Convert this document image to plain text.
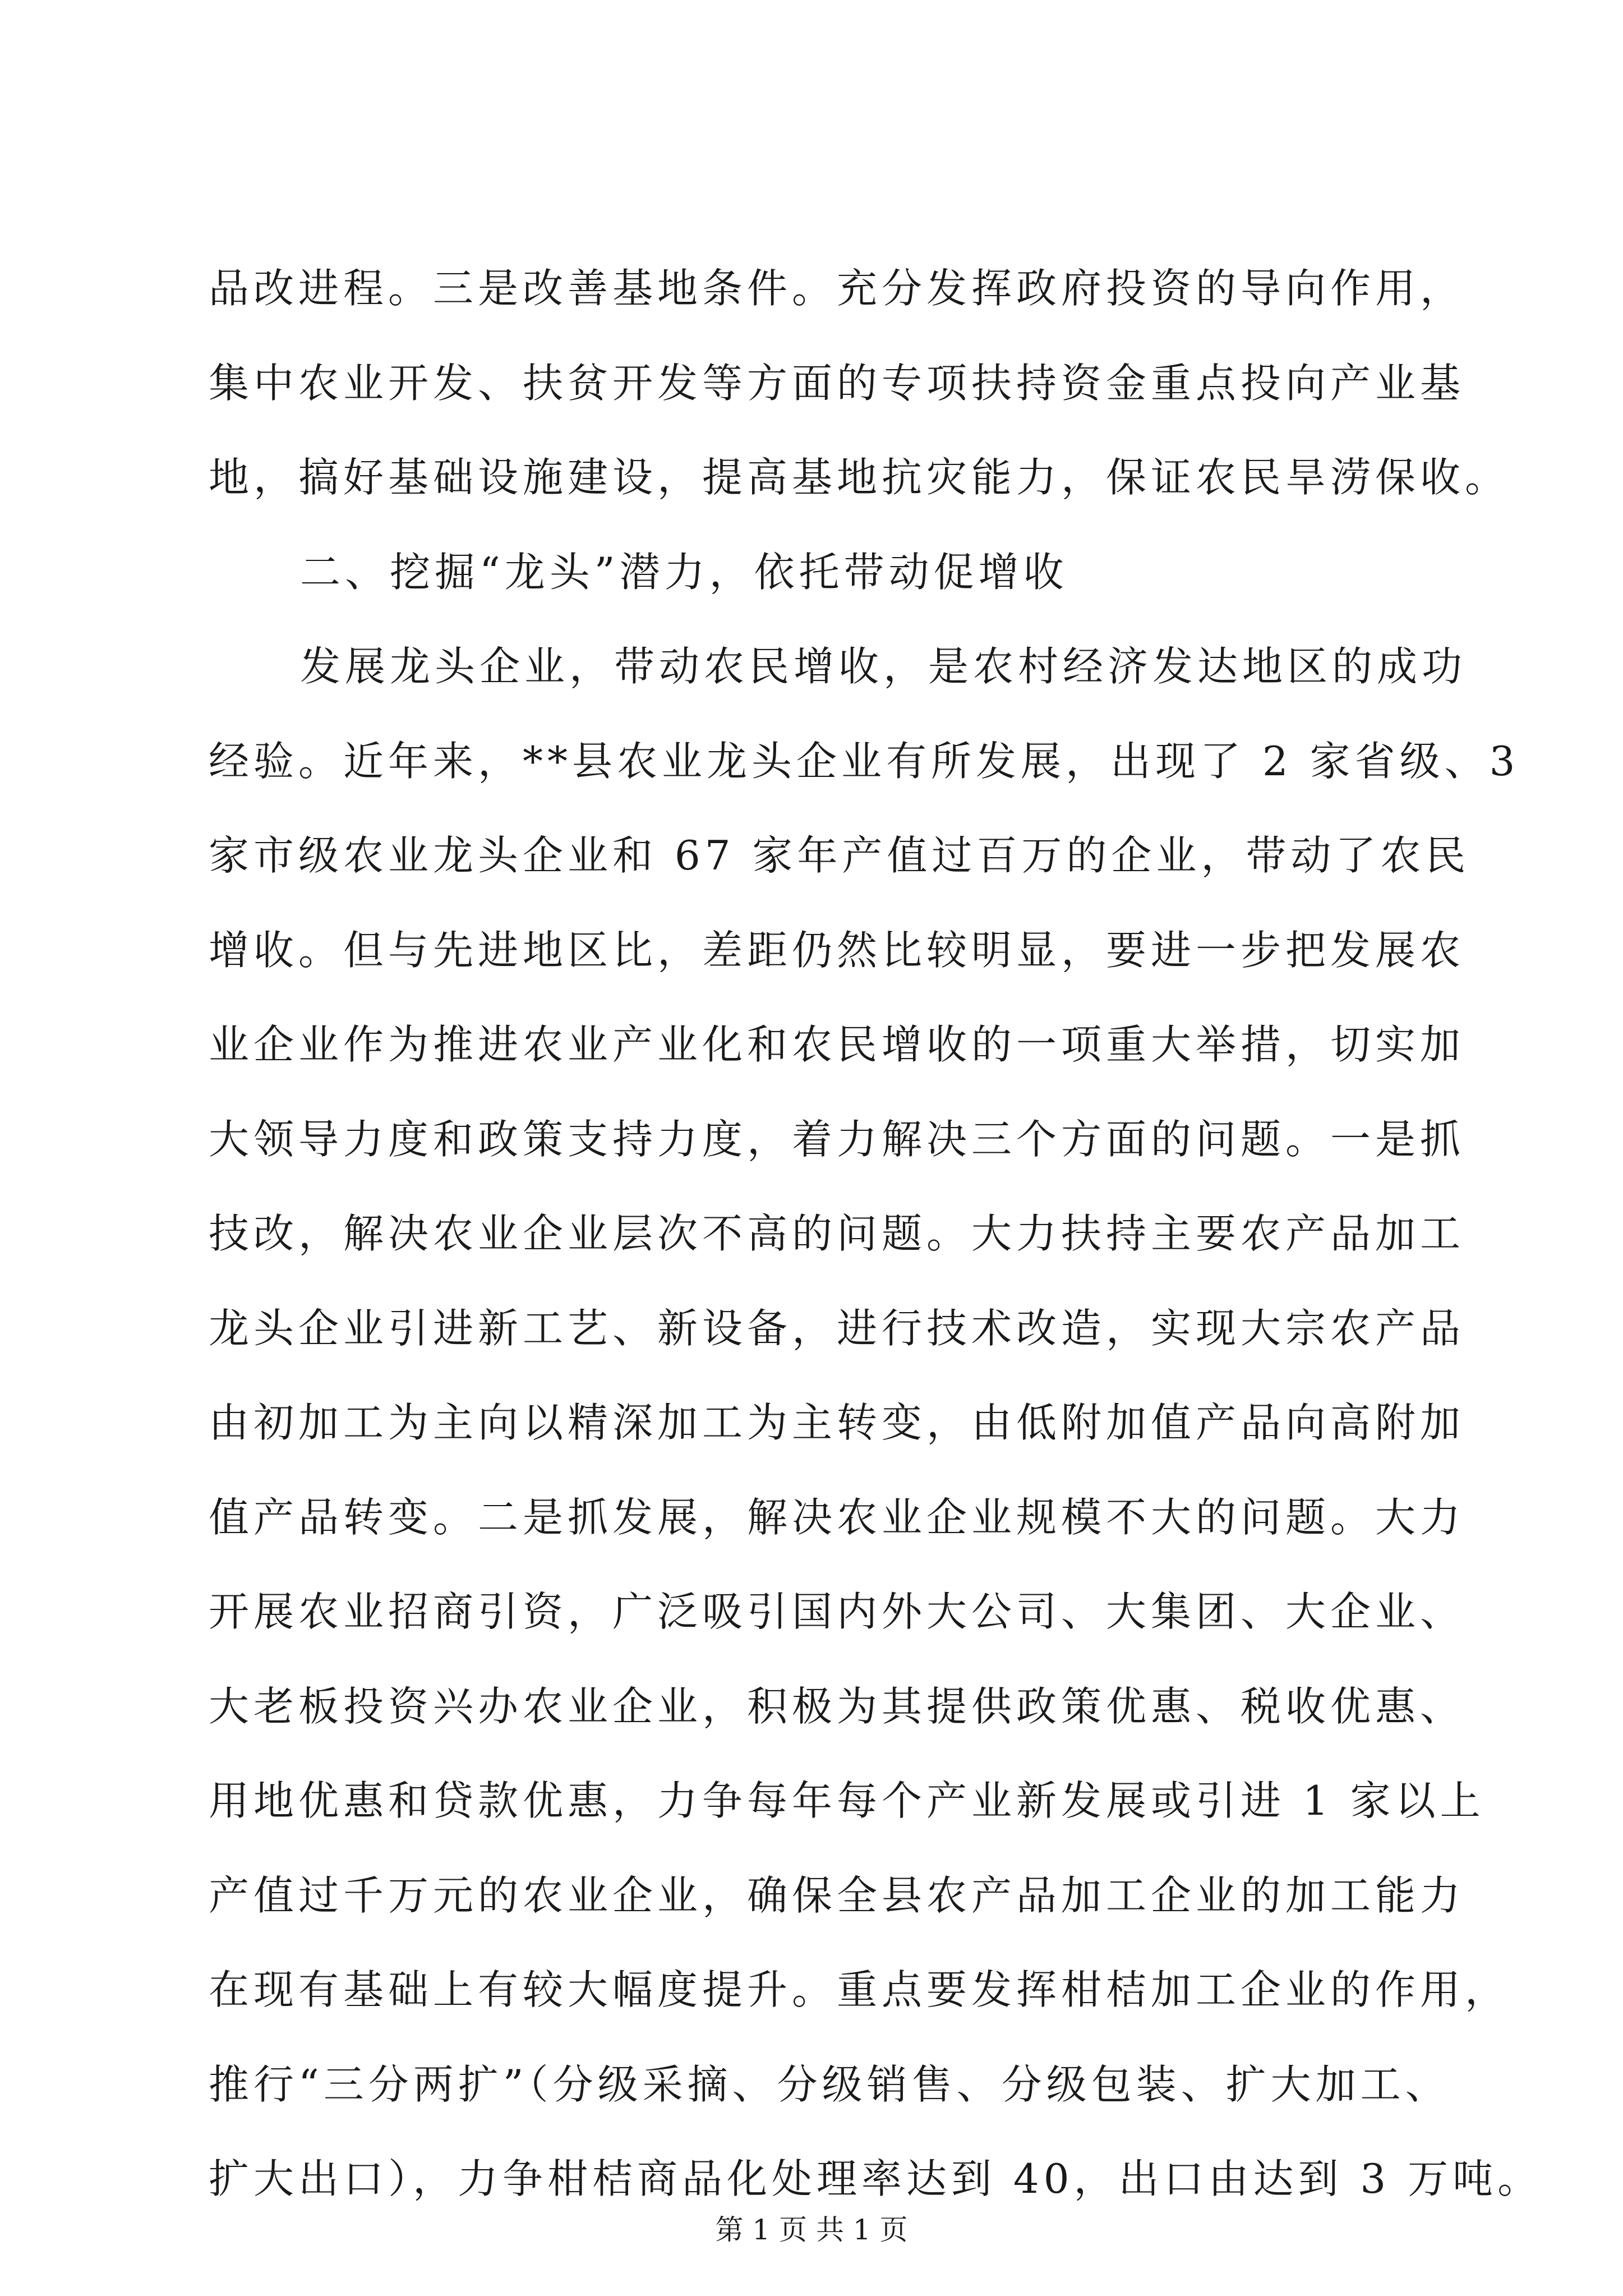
品改进程。三是改善基地条件。充分发挥政府投资的导向作用，
集中农业开发、扶贫开发等方面的专项扶持资金重点投向产业基
地，搞好基础设施建设，提高基地抗灾能力，保证农民旱涝保收。
二、挖掘“龙头”潜力，依托带动促增收
发展龙头企业，带动农民增收，是农村经济发达地区的成功
经验。近年来，**县农业龙头企业有所发展，出现了 2 家省级、3
家市级农业龙头企业和 67 家年产值过百万的企业，带动了农民
增收。但与先进地区比，差距仍然比较明显，要进一步把发展农
业企业作为推进农业产业化和农民增收的一项重大举措，切实加
大领导力度和政策支持力度，着力解决三个方面的问题。一是抓
技改，解决农业企业层次不高的问题。大力扶持主要农产品加工
龙头企业引进新工艺、新设备，进行技术改造，实现大宗农产品
由初加工为主向以精深加工为主转变，由低附加值产品向高附加
值产品转变。二是抓发展，解决农业企业规模不大的问题。大力
开展农业招商引资，广泛吸引国内外大公司、大集团、大企业、
大老板投资兴办农业企业，积极为其提供政策优惠、税收优惠、
用地优惠和贷款优惠，力争每年每个产业新发展或引进 1 家以上
产值过千万元的农业企业，确保全县农产品加工企业的加工能力
在现有基础上有较大幅度提升。重点要发挥柑桔加工企业的作用，
推行“三分两扩”（分级采摘、分级销售、分级包装、扩大加工、
扩大出口），力争柑桔商品化处理率达到 40，出口由达到 3 万吨。
第 1 页 共 1 页
